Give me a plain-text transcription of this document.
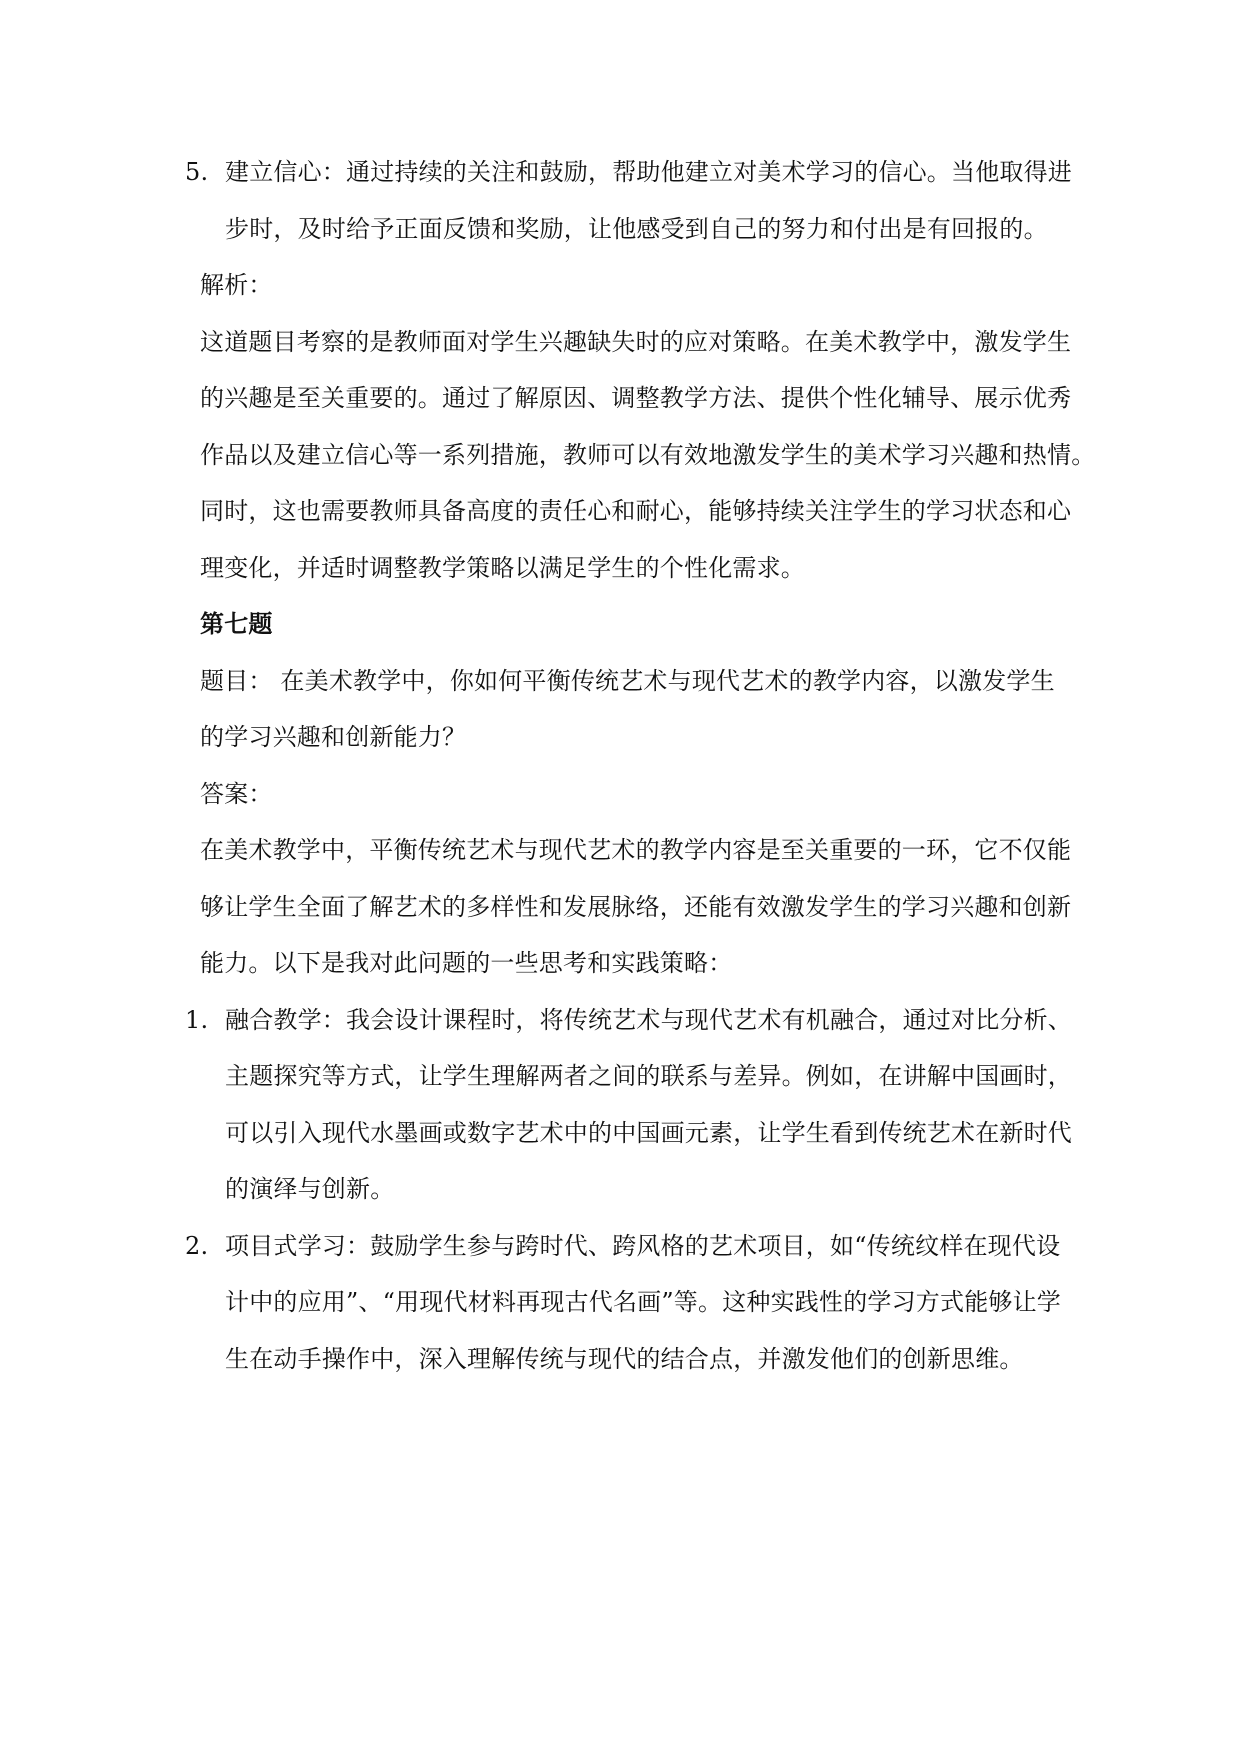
5. 建立信心：通过持续的关注和鼓励，帮助他建立对美术学习的信心。当他取得进
步时，及时给予正面反馈和奖励，让他感受到自己的努力和付出是有回报的。
解析：
这道题目考察的是教师面对学生兴趣缺失时的应对策略。在美术教学中，激发学生
的兴趣是至关重要的。通过了解原因、调整教学方法、提供个性化辅导、展示优秀
作品以及建立信心等一系列措施，教师可以有效地激发学生的美术学习兴趣和热情。
同时，这也需要教师具备高度的责任心和耐心，能够持续关注学生的学习状态和心
理变化，并适时调整教学策略以满足学生的个性化需求。
第七题
题目： 在美术教学中，你如何平衡传统艺术与现代艺术的教学内容，以激发学生
的学习兴趣和创新能力？
答案：
在美术教学中，平衡传统艺术与现代艺术的教学内容是至关重要的一环，它不仅能
够让学生全面了解艺术的多样性和发展脉络，还能有效激发学生的学习兴趣和创新
能力。以下是我对此问题的一些思考和实践策略：
1. 融合教学：我会设计课程时，将传统艺术与现代艺术有机融合，通过对比分析、
主题探究等方式，让学生理解两者之间的联系与差异。例如，在讲解中国画时，
可以引入现代水墨画或数字艺术中的中国画元素，让学生看到传统艺术在新时代
的演绎与创新。
2. 项目式学习：鼓励学生参与跨时代、跨风格的艺术项目，如“传统纹样在现代设
计中的应用”、“用现代材料再现古代名画”等。这种实践性的学习方式能够让学
生在动手操作中，深入理解传统与现代的结合点，并激发他们的创新思维。
